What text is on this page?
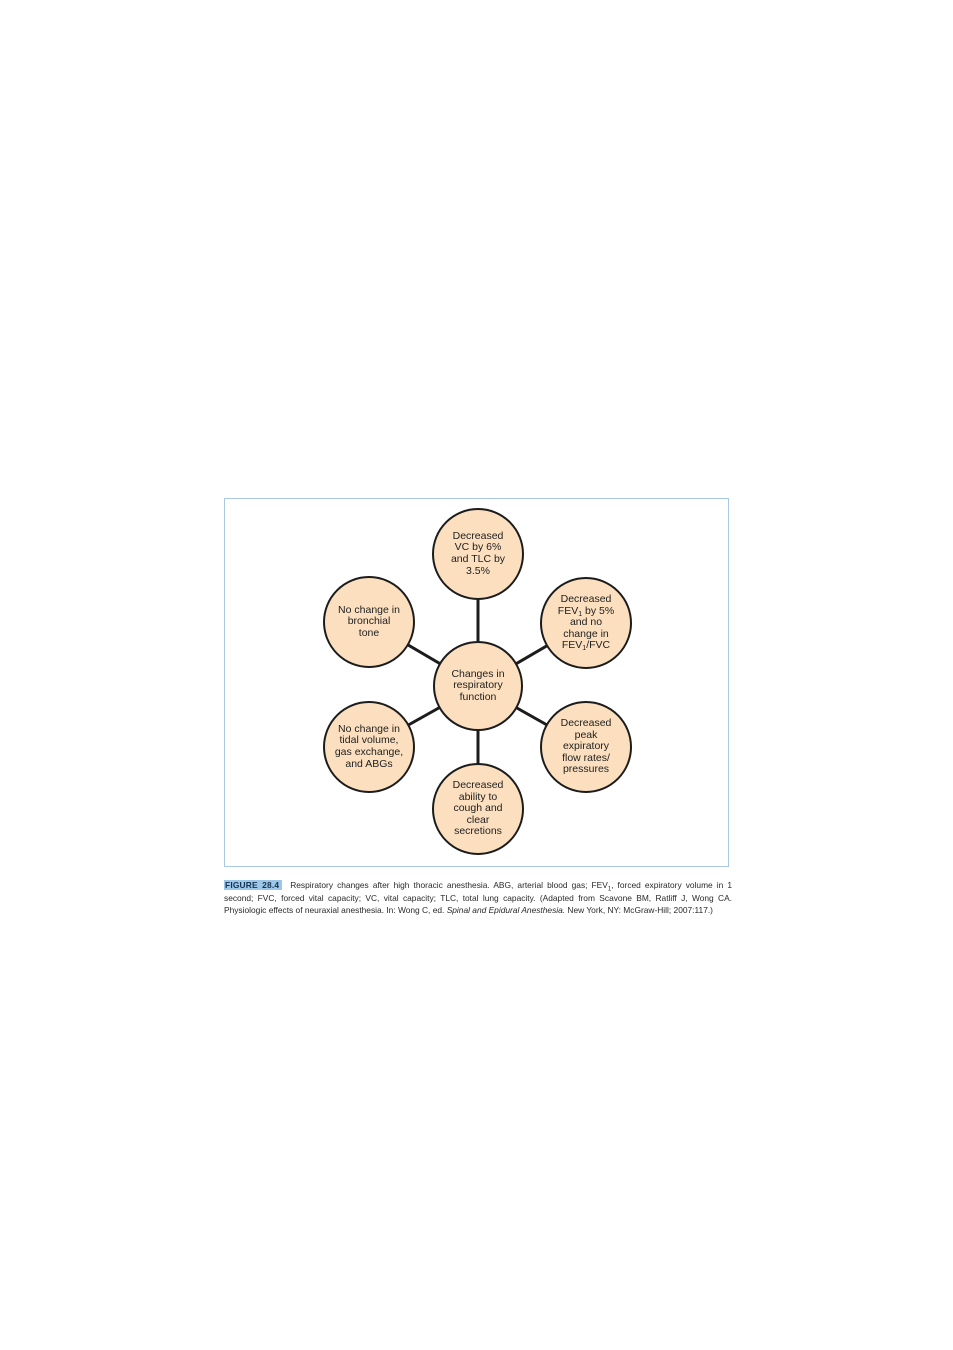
Decreased
VC by 6%
and TLC by
3.5%
Decreased
$FEV_1$ by 5%
and no
change in
$FEV_1$/FVC
Decreased
peak
expiratory
flow rates/
pressures
Decreased
ability to
cough and
clear
secretions
No change in
tidal volume,
gas exchange,
and ABGs
No change in
bronchial
tone
Changes in
respiratory
function
FIGURE 28.4 Respiratory changes after high thoracic anesthesia. ABG, arterial blood gas; $FEV_1$, forced expiratory volume in 1 second; FVC, forced vital capacity; VC, vital capacity; TLC, total lung capacity. (Adapted from Scavone BM, Ratliff J, Wong CA. Physiologic effects of neuraxial anesthesia. In: Wong C, ed. Spinal and Epidural Anesthesia. New York, NY: McGraw-Hill; 2007:117.)
